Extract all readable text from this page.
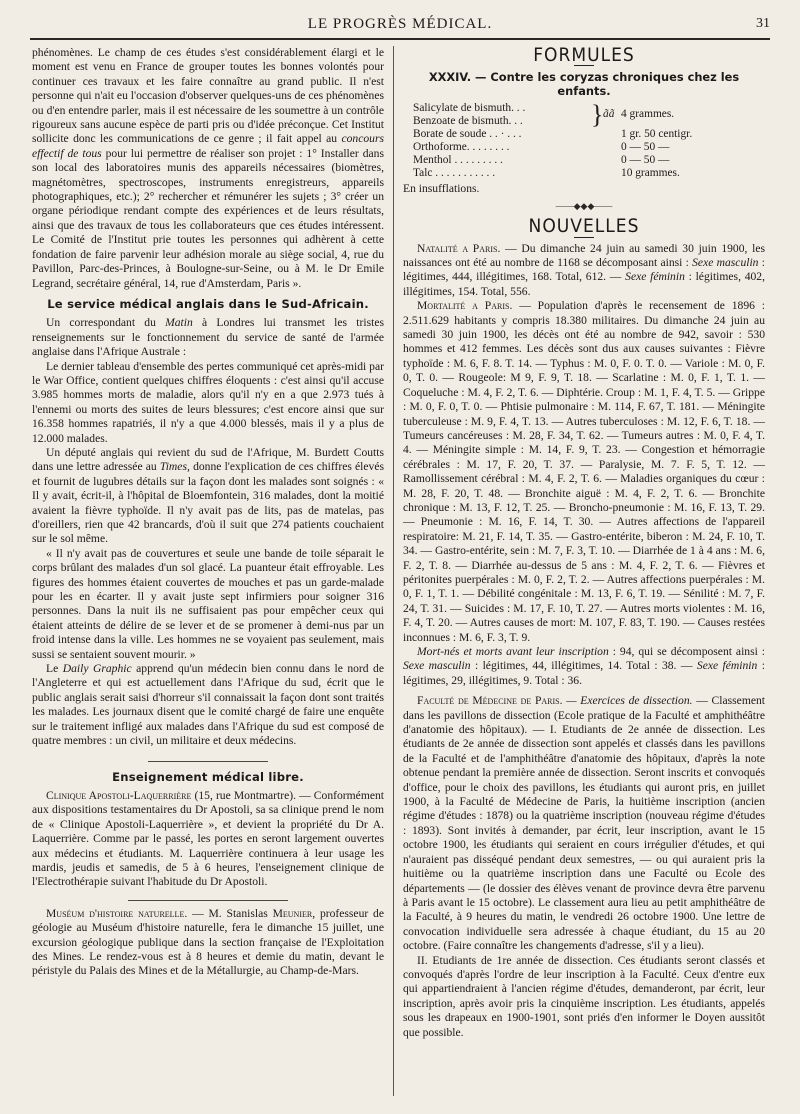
LE PROGRÈS MÉDICAL.	31

phénomènes. Le champ de ces études s'est considérablement élargi et le moment est venu en France de grouper toutes les bonnes volontés pour continuer ces travaux et les faire connaître au grand public. Il n'est personne qui n'ait eu l'occasion d'observer quelques-uns de ces phénomènes ou d'en entendre parler, mais il est nécessaire de les soumettre à un contrôle rigoureux sans aucune espèce de parti pris ou d'idée préconçue. Cet Institut sollicite donc les communications de ce genre ; il fait appel au concours effectif de tous pour lui permettre de réaliser son projet : 1° Installer dans son local des laboratoires munis des appareils nécessaires (biomètres, magnétomètres, spectroscopes, instruments enregistreurs, appareils photographiques, etc.); 2° rechercher et rémunérer les sujets ; 3° créer un organe périodique rendant compte des expériences et de leurs résultats, ainsi que des travaux de tous les collaborateurs que ces études intéressent. Le Comité de l'Institut prie toutes les personnes qui adhèrent à cette fondation de faire parvenir leur adhésion morale au siège social, 4, rue du Pavillon, Parc-des-Princes, à Boulogne-sur-Seine, ou à M. le Dr Emile Legrand, secrétaire général, 14, rue d'Amsterdam, Paris ».

Le service médical anglais dans le Sud-Africain.

Un correspondant du Matin à Londres lui transmet les tristes renseignements sur le fonctionnement du service de santé de l'armée anglaise dans l'Afrique Australe :

Le dernier tableau d'ensemble des pertes communiqué cet après-midi par le War Office, contient quelques chiffres éloquents : c'est ainsi qu'il accuse 3.985 hommes morts de maladie, alors qu'il n'y en a que 2.973 tués à l'ennemi ou morts des suites de leurs blessures; c'est encore ainsi que sur 16.358 hommes rapatriés, il n'y a que 4.000 blessés, mais il y a plus de 12.000 malades.

Un député anglais qui revient du sud de l'Afrique, M. Burdett Coutts dans une lettre adressée au Times, donne l'explication de ces chiffres élevés et fournit de lugubres détails sur la façon dont les malades sont soignés : « Il y avait, écrit-il, à l'hôpital de Bloemfontein, 316 malades, dont la moitié avaient la fièvre typhoïde. Il n'y avait pas de lits, pas de matelas, pas d'oreillers, rien que 42 brancards, d'où il suit que 274 patients couchaient sur le sol même.

« Il n'y avait pas de couvertures et seule une bande de toile séparait le corps brûlant des malades d'un sol glacé. La puanteur était effroyable. Les figures des hommes étaient couvertes de mouches et pas un garde-malade pour les en écarter. Il y avait juste sept infirmiers pour soigner 316 personnes. Dans la nuit ils ne suffisaient pas pour empêcher ceux qui étaient atteints de délire de se lever et de se promener à demi-nus par un froid intense dans la ville. Les hommes ne se voyaient pas seulement, mais sussi se sentaient souvent mourir. »

Le Daily Graphic apprend qu'un médecin bien connu dans le nord de l'Angleterre et qui est actuellement dans l'Afrique du sud, écrit que le public anglais serait saisi d'horreur s'il connaissait la façon dont sont traités les malades. Les journaux disent que le comité chargé de faire une enquête sur le traitement infligé aux malades dans l'Afrique du sud est composé de quatre membres : un civil, un militaire et deux médecins.

Enseignement médical libre.

Clinique Apostoli-Laquerrière (15, rue Montmartre). — Conformément aux dispositions testamentaires du Dr Apostoli, sa sa clinique prend le nom de « Clinique Apostoli-Laquerrière », et devient la propriété du Dr A. Laquerrière. Comme par le passé, les portes en seront largement ouvertes aux médecins et étudiants. M. Laquerrière continuera à leur usage les mardis, jeudis et samedis, de 5 à 6 heures, l'enseignement clinique de l'Electrothérapie suivant l'habitude du Dr Apostoli.

Muséum d'histoire naturelle. — M. Stanislas Meunier, professeur de géologie au Muséum d'histoire naturelle, fera le dimanche 15 juillet, une excursion géologique publique dans la section française de l'Exploitation des Mines. Le rendez-vous est à 8 heures et demie du matin, devant le péristyle du Palais des Mines et de la Métallurgie, au Champ-de-Mars.

FORMULES
XXXIV. — Contre les coryzas chroniques chez les enfants.
Salicylate de bismuth. . .
Benzoate de bismuth. . .	} ãã 4 grammes.
Borate de soude . . · . . .	1 gr. 50 centigr.
Orthoforme. . . . . . . .	0 — 50 —
Menthol . . . . . . . . .	0 — 50 —
Talc . . . . . . . . . . .	10 grammes.
En insufflations.
——◆◆◆——
NOUVELLES

Natalité a Paris. — Du dimanche 24 juin au samedi 30 juin 1900, les naissances ont été au nombre de 1168 se décomposant ainsi : Sexe masculin : légitimes, 444, illégitimes, 168. Total, 612. — Sexe féminin : légitimes, 402, illégitimes, 154. Total, 556.

Mortalité a Paris. — Population d'après le recensement de 1896 : 2.511.629 habitants y compris 18.380 militaires. Du dimanche 24 juin au samedi 30 juin 1900, les décès ont été au nombre de 942, savoir : 530 hommes et 412 femmes. Les décès sont dus aux causes suivantes : Fièvre typhoïde : M. 6, F. 8. T. 14. — Typhus : M. 0, F. 0. T. 0. — Variole : M. 0, F. 0, T. 0. — Rougeole: M 9, F. 9, T. 18. — Scarlatine : M. 0, F. 1, T. 1. — Coqueluche : M. 4, F. 2, T. 6. — Diphtérie. Croup : M. 1, F. 4, T. 5. — Grippe : M. 0, F. 0, T. 0. — Phtisie pulmonaire : M. 114, F. 67, T. 181. — Méningite tuberculeuse : M. 9, F. 4, T. 13. — Autres tuberculoses : M. 12, F. 6, T. 18. — Tumeurs cancéreuses : M. 28, F. 34, T. 62. — Tumeurs autres : M. 0, F. 4, T. 4. — Méningite simple : M. 14, F. 9, T. 23. — Congestion et hémorragie cérébrales : M. 17, F. 20, T. 37. — Paralysie, M. 7. F. 5, T. 12. — Ramollissement cérébral : M. 4, F. 2, T. 6. — Maladies organiques du cœur : M. 28, F. 20, T. 48. — Bronchite aiguë : M. 4, F. 2, T. 6. — Bronchite chronique : M. 13, F. 12, T. 25. — Broncho-pneumonie : M. 16, F. 13, T. 29. — Pneumonie : M. 16, F. 14, T. 30. — Autres affections de l'appareil respiratoire: M. 21, F. 14, T. 35. — Gastro-entérite, biberon : M. 24, F. 10, T. 34. — Gastro-entérite, sein : M. 7, F. 3, T. 10. — Diarrhée de 1 à 4 ans : M. 6, F. 2, T. 8. — Diarrhée au-dessus de 5 ans : M. 4, F. 2, T. 6. — Fièvres et péritonites puerpérales : M. 0, F. 2, T. 2. — Autres affections puerpérales : M. 0, F. 1, T. 1. — Débilité congénitale : M. 13, F. 6, T. 19. — Sénilité : M. 7, F. 24, T. 31. — Suicides : M. 17, F. 10, T. 27. — Autres morts violentes : M. 16, F. 4, T. 20. — Autres causes de mort: M. 107, F. 83, T. 190. — Causes restées inconnues : M. 6, F. 3, T. 9.

Mort-nés et morts avant leur inscription : 94, qui se décomposent ainsi : Sexe masculin : légitimes, 44, illégitimes, 14. Total : 38. — Sexe féminin : légitimes, 29, illégitimes, 9. Total : 36.

Faculté de Médecine de Paris. — Exercices de dissection. — Classement dans les pavillons de dissection (Ecole pratique de la Faculté et amphithéâtre d'anatomie des hôpitaux). — I. Etudiants de 2e année de dissection. Les étudiants de 2e année de dissection sont appelés et classés dans les pavillons de la Faculté et de l'amphithéâtre d'anatomie des hôpitaux, d'après la note obtenue pendant la première année de dissection. Seront inscrits et convoqués d'office, pour le choix des pavillons, les étudiants qui auront pris, en juillet 1900, à la Faculté de Médecine de Paris, la huitième inscription (ancien régime d'études : 1878) ou la quatrième inscription (nouveau régime d'études : 1893). Sont invités à demander, par écrit, leur inscription, avant le 15 octobre 1900, les étudiants qui seraient en cours irrégulier d'études, et qui n'auraient pas disséqué pendant deux semestres, — ou qui auraient pris la huitième ou la quatrième inscription dans une Faculté ou Ecole des départements — (le dossier des élèves venant de province devra être parvenu à Paris avant le 15 octobre). Le classement aura lieu au petit amphithéâtre de la Faculté, à 9 heures du matin, le vendredi 26 octobre 1900. Une lettre de convocation individuelle sera adressée à chaque étudiant, du 15 au 20 octobre. (Faire connaître les changements d'adresse, s'il y a lieu).

II. Etudiants de 1re année de dissection. Ces étudiants seront classés et convoqués d'après l'ordre de leur inscription à la Faculté. Ceux d'entre eux qui appartiendraient à l'ancien régime d'études, demanderont, par écrit, leur inscription, après avoir pris la cinquième inscription. Les étudiants, appelés sous les drapeaux en 1900-1901, sont priés d'en informer le Doyen aussitôt que possible.
